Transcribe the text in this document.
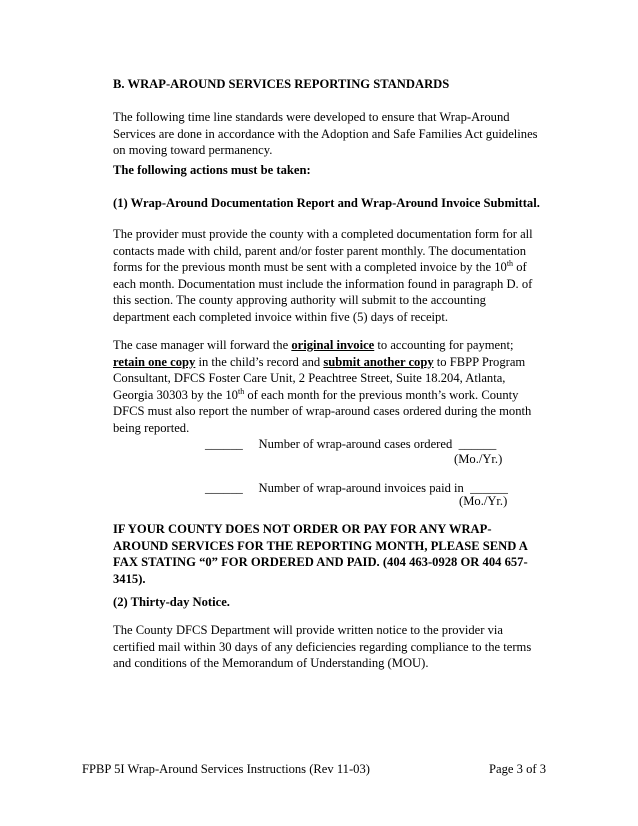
B. WRAP-AROUND SERVICES REPORTING STANDARDS

The following time line standards were developed to ensure that Wrap-Around Services are done in accordance with the Adoption and Safe Families Act guidelines on moving toward permanency.

The following actions must be taken:

(1) Wrap-Around Documentation Report and Wrap-Around Invoice Submittal.

The provider must provide the county with a completed documentation form for all contacts made with child, parent and/or foster parent monthly. The documentation forms for the previous month must be sent with a completed invoice by the 10th of each month. Documentation must include the information found in paragraph D. of this section. The county approving authority will submit to the accounting department each completed invoice within five (5) days of receipt.

The case manager will forward the original invoice to accounting for payment; retain one copy in the child’s record and submit another copy to FBPP Program Consultant, DFCS Foster Care Unit, 2 Peachtree Street, Suite 18.204, Atlanta, Georgia 30303 by the 10th of each month for the previous month’s work. County DFCS must also report the number of wrap-around cases ordered during the month being reported.

______ Number of wrap-around cases ordered ______
(Mo./Yr.)
______ Number of wrap-around invoices paid in ______
(Mo./Yr.)

IF YOUR COUNTY DOES NOT ORDER OR PAY FOR ANY WRAP-AROUND SERVICES FOR THE REPORTING MONTH, PLEASE SEND A FAX STATING “0” FOR ORDERED AND PAID. (404 463-0928 OR 404 657-3415).

(2) Thirty-day Notice.

The County DFCS Department will provide written notice to the provider via certified mail within 30 days of any deficiencies regarding compliance to the terms and conditions of the Memorandum of Understanding (MOU).

FPBP 5I Wrap-Around Services Instructions (Rev 11-03)	Page 3 of 3
